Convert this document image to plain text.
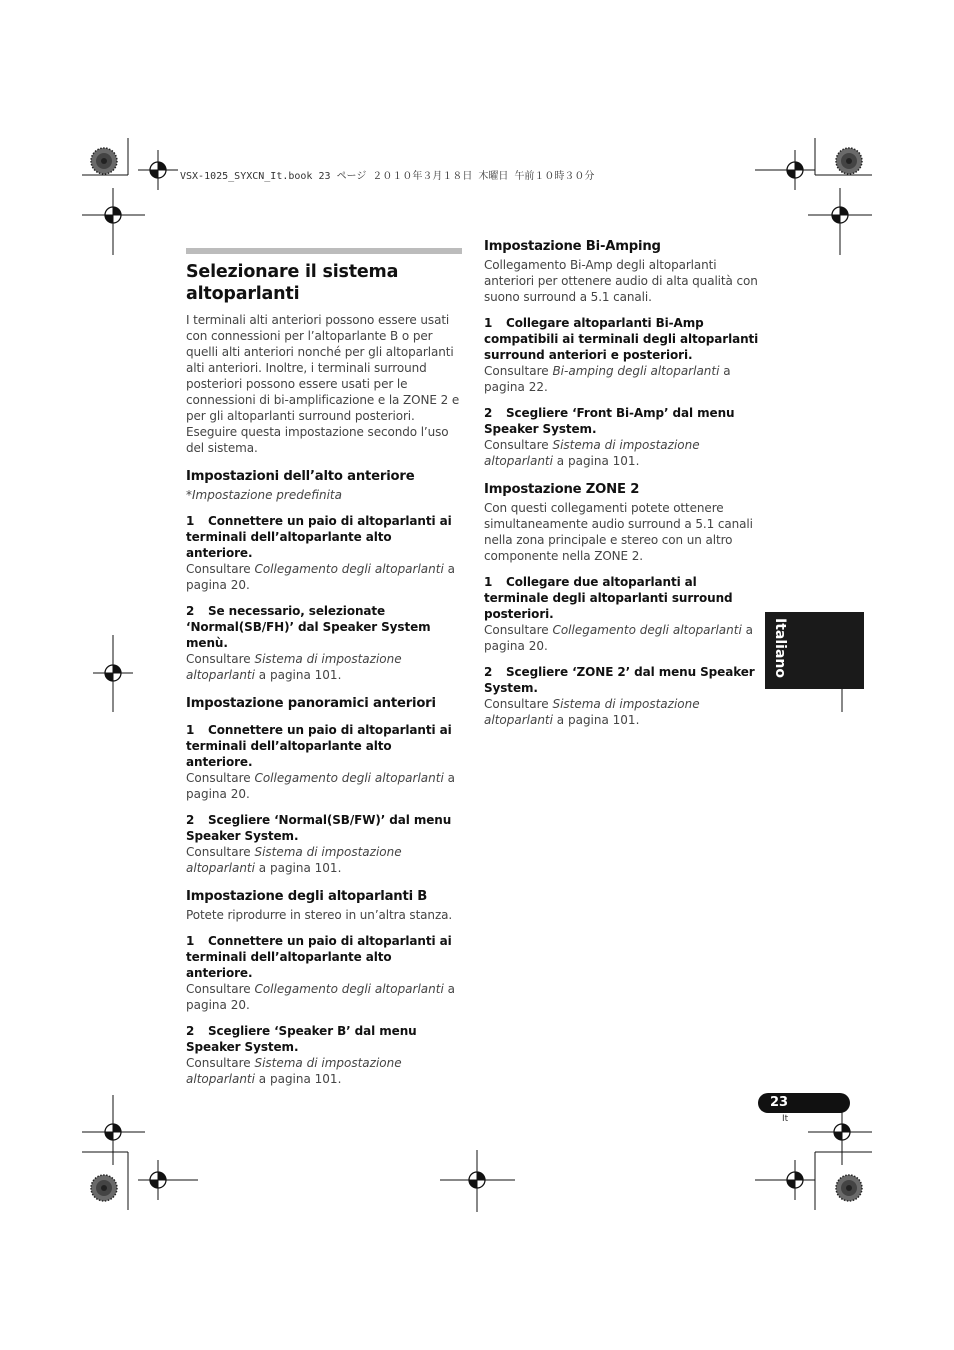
VSX-1025_SYXCN_It.book 23 ページ ２０１０年３月１８日 木曜日 午前１０時３０分
Selezionare il sistema altoparlanti

I terminali alti anteriori possono essere usati con connessioni per l’altoparlante B o per quelli alti anteriori nonché per gli altoparlanti alti anteriori. Inoltre, i terminali surround posteriori possono essere usati per le connessioni di bi-amplificazione e la ZONE 2 e per gli altoparlanti surround posteriori. Eseguire questa impostazione secondo l’uso del sistema.

Impostazioni dell’alto anteriore

*Impostazione predefinita

1 Connettere un paio di altoparlanti ai terminali dell’altoparlante alto anteriore.

Consultare Collegamento degli altoparlanti a pagina 20.

2 Se necessario, selezionate ‘Normal(SB/FH)’ dal Speaker System menù.

Consultare Sistema di impostazione altoparlanti a pagina 101.

Impostazione panoramici anteriori

1 Connettere un paio di altoparlanti ai terminali dell’altoparlante alto anteriore.

Consultare Collegamento degli altoparlanti a pagina 20.

2 Scegliere ‘Normal(SB/FW)’ dal menu Speaker System.

Consultare Sistema di impostazione altoparlanti a pagina 101.

Impostazione degli altoparlanti B

Potete riprodurre in stereo in un’altra stanza.

1 Connettere un paio di altoparlanti ai terminali dell’altoparlante alto anteriore.

Consultare Collegamento degli altoparlanti a pagina 20.

2 Scegliere ‘Speaker B’ dal menu Speaker System.

Consultare Sistema di impostazione altoparlanti a pagina 101.

Impostazione Bi-Amping

Collegamento Bi-Amp degli altoparlanti anteriori per ottenere audio di alta qualità con suono surround a 5.1 canali.

1 Collegare altoparlanti Bi-Amp compatibili ai terminali degli altoparlanti surround anteriori e posteriori.

Consultare Bi-amping degli altoparlanti a pagina 22.

2 Scegliere ‘Front Bi-Amp’ dal menu Speaker System.

Consultare Sistema di impostazione altoparlanti a pagina 101.

Impostazione ZONE 2

Con questi collegamenti potete ottenere simultaneamente audio surround a 5.1 canali nella zona principale e stereo con un altro componente nella ZONE 2.

1 Collegare due altoparlanti al terminale degli altoparlanti surround posteriori.

Consultare Collegamento degli altoparlanti a pagina 20.

2 Scegliere ‘ZONE 2’ dal menu Speaker System.

Consultare Sistema di impostazione altoparlanti a pagina 101.

Italiano
23
It
